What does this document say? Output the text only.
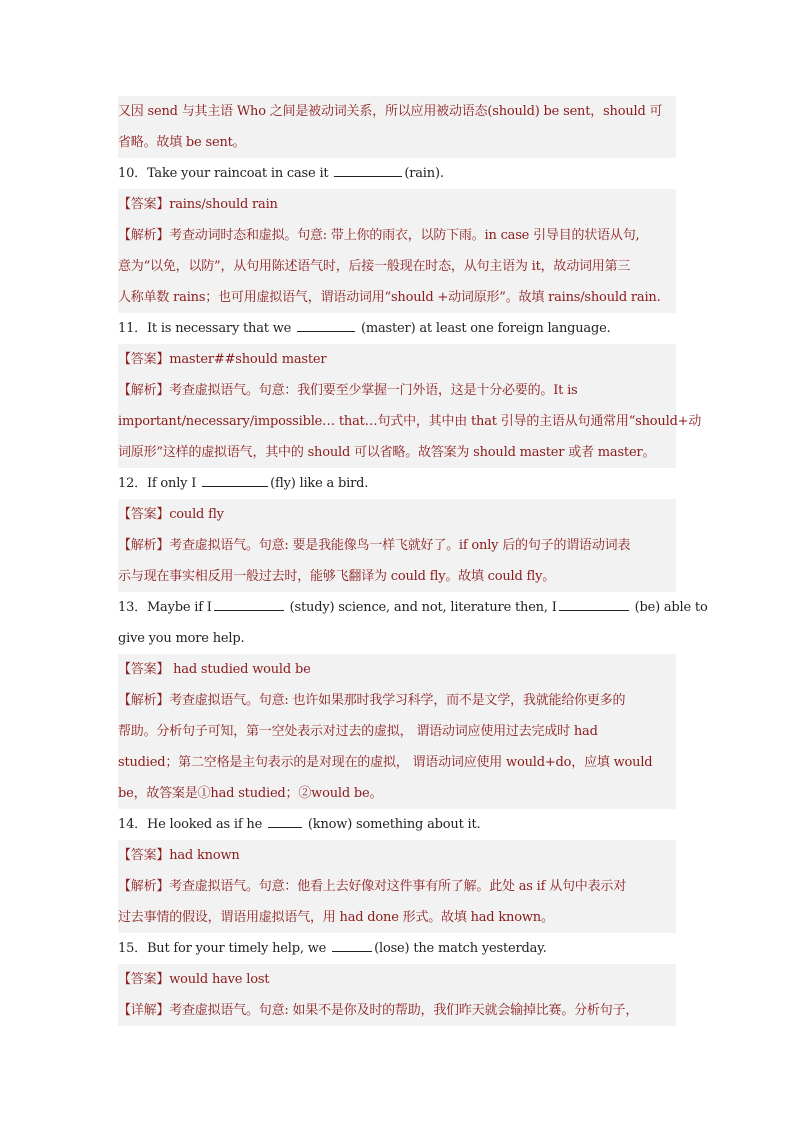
又因 send 与其主语 Who 之间是被动词关系，所以应用被动语态(should) be sent，should 可
省略。故填 be sent。
10．Take your raincoat in case it	(rain).
【答案】rains/should rain
【解析】考查动词时态和虚拟。句意: 带上你的雨衣，以防下雨。in case 引导目的状语从句,
意为“以免，以防”，从句用陈述语气时，后接一般现在时态，从句主语为 it，故动词用第三
人称单数 rains；也可用虚拟语气，谓语动词用“should +动词原形”。故填 rains/should rain.
11．It is necessary that we	(master) at least one foreign language.
【答案】master##should master
【解析】考查虚拟语气。句意：我们要至少掌握一门外语，这是十分必要的。It is
important/necessary/impossible… that…句式中，其中由 that 引导的主语从句通常用“should+动
词原形”这样的虚拟语气，其中的 should 可以省略。故答案为 should master 或者 master。
12．If only I	(fly) like a bird.
【答案】could fly
【解析】考查虚拟语气。句意: 要是我能像鸟一样飞就好了。if only 后的句子的谓语动词表
示与现在事实相反用一般过去时，能够飞翻译为 could fly。故填 could fly。
13．Maybe if I	(study) science, and not, literature then, I	(be) able to
give you more help.
【答案】 had studied would be
【解析】考查虚拟语气。句意: 也许如果那时我学习科学，而不是文学，我就能给你更多的
帮助。分析句子可知，第一空处表示对过去的虚拟， 谓语动词应使用过去完成时 had
studied；第二空格是主句表示的是对现在的虚拟， 谓语动词应使用 would+do，应填 would
be，故答案是①had studied；②would be。
14．He looked as if he	(know) something about it.
【答案】had known
【解析】考查虚拟语气。句意：他看上去好像对这件事有所了解。此处 as if 从句中表示对
过去事情的假设，谓语用虚拟语气，用 had done 形式。故填 had known。
15．But for your timely help, we	(lose) the match yesterday.
【答案】would have lost
【详解】考查虚拟语气。句意: 如果不是你及时的帮助，我们昨天就会输掉比赛。分析句子，
